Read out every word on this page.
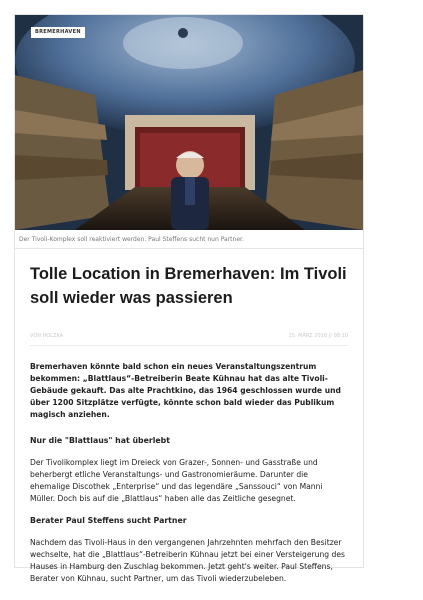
BREMERHAVEN
Der Tivoli-Komplex soll reaktiviert werden. Paul Steffens sucht nun Partner.
Tolle Location in Bremerhaven: Im Tivoli soll wieder was passieren
VON HOLZKA	15. MÄRZ 2018 // 08:10

Bremerhaven könnte bald schon ein neues Veranstaltungszentrum bekommen: „Blattlaus“-Betreiberin Beate Kühnau hat das alte Tivoli-Gebäude gekauft. Das alte Prachtkino, das 1964 geschlossen wurde und über 1200 Sitzplätze verfügte, könnte schon bald wieder das Publikum magisch anziehen.

Nur die "Blattlaus" hat überlebt

Der Tivolikomplex liegt im Dreieck von Grazer-, Sonnen- und Gasstraße und beherbergt etliche Veranstaltungs- und Gastronomieräume. Darunter die ehemalige Discothek „Enterprise“ und das legendäre „Sanssouci“ von Manni Müller. Doch bis auf die „Blattlaus“ haben alle das Zeitliche gesegnet.

Berater Paul Steffens sucht Partner

Nachdem das Tivoli-Haus in den vergangenen Jahrzehnten mehrfach den Besitzer wechselte, hat die „Blattlaus“-Betreiberin Kühnau jetzt bei einer Versteigerung des Hauses in Hamburg den Zuschlag bekommen. Jetzt geht's weiter. Paul Steffens, Berater von Kühnau, sucht Partner, um das Tivoli wiederzubeleben.
